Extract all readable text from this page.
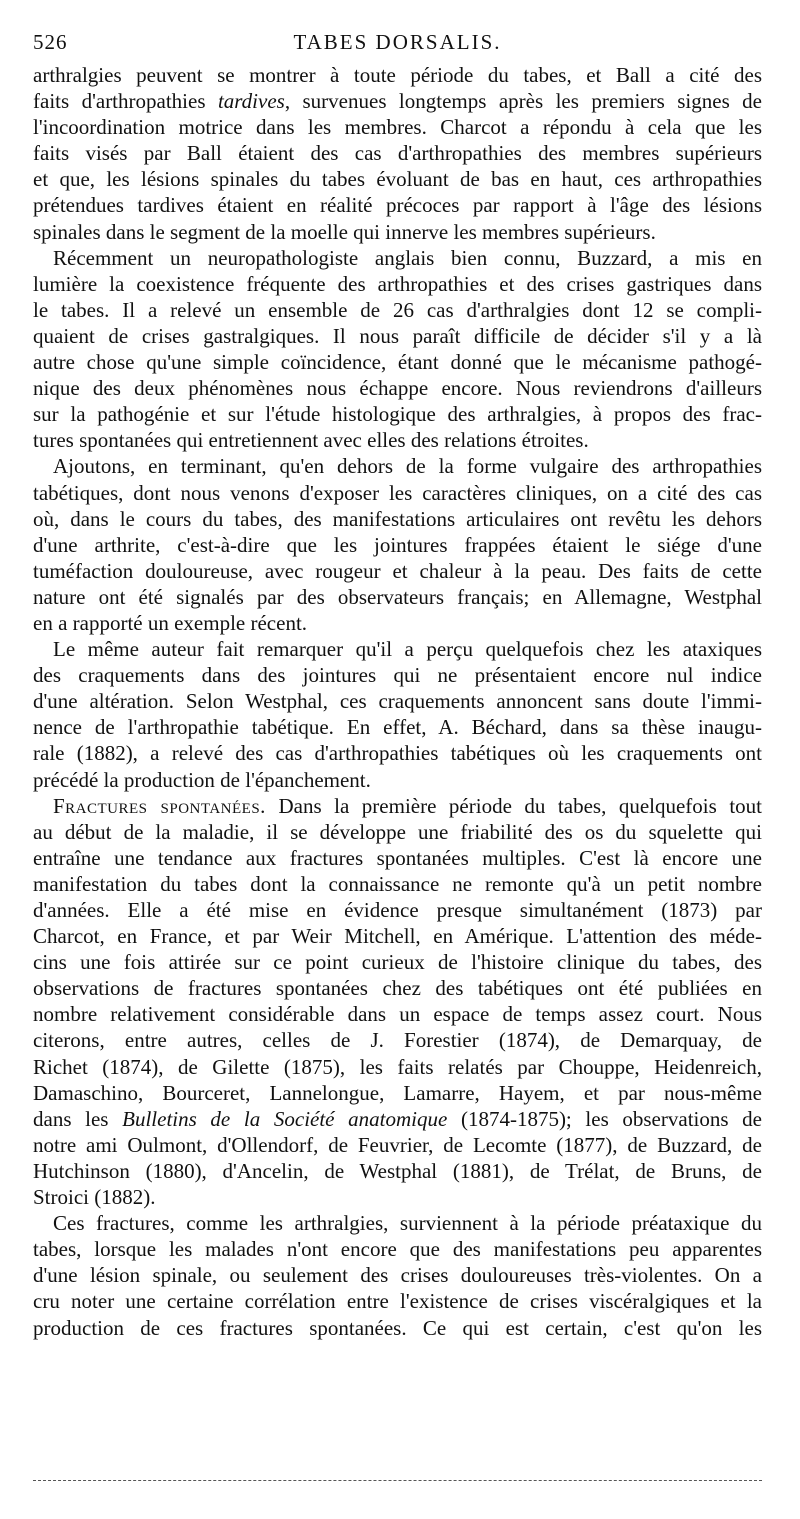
526	TABES DORSALIS.
arthralgies peuvent se montrer à toute période du tabes, et Ball a cité des
faits d'arthropathies tardives, survenues longtemps après les premiers signes de
l'incoordination motrice dans les membres. Charcot a répondu à cela que les
faits visés par Ball étaient des cas d'arthropathies des membres supérieurs
et que, les lésions spinales du tabes évoluant de bas en haut, ces arthropathies
prétendues tardives étaient en réalité précoces par rapport à l'âge des lésions
spinales dans le segment de la moelle qui innerve les membres supérieurs.
Récemment un neuropathologiste anglais bien connu, Buzzard, a mis en
lumière la coexistence fréquente des arthropathies et des crises gastriques dans
le tabes. Il a relevé un ensemble de 26 cas d'arthralgies dont 12 se compli-
quaient de crises gastralgiques. Il nous paraît difficile de décider s'il y a là
autre chose qu'une simple coïncidence, étant donné que le mécanisme pathogé-
nique des deux phénomènes nous échappe encore. Nous reviendrons d'ailleurs
sur la pathogénie et sur l'étude histologique des arthralgies, à propos des frac-
tures spontanées qui entretiennent avec elles des relations étroites.
Ajoutons, en terminant, qu'en dehors de la forme vulgaire des arthropathies
tabétiques, dont nous venons d'exposer les caractères cliniques, on a cité des cas
où, dans le cours du tabes, des manifestations articulaires ont revêtu les dehors
d'une arthrite, c'est-à-dire que les jointures frappées étaient le siége d'une
tuméfaction douloureuse, avec rougeur et chaleur à la peau. Des faits de cette
nature ont été signalés par des observateurs français; en Allemagne, Westphal
en a rapporté un exemple récent.
Le même auteur fait remarquer qu'il a perçu quelquefois chez les ataxiques
des craquements dans des jointures qui ne présentaient encore nul indice
d'une altération. Selon Westphal, ces craquements annoncent sans doute l'immi-
nence de l'arthropathie tabétique. En effet, A. Béchard, dans sa thèse inaugu-
rale (1882), a relevé des cas d'arthropathies tabétiques où les craquements ont
précédé la production de l'épanchement.
Fractures spontanées. Dans la première période du tabes, quelquefois tout
au début de la maladie, il se développe une friabilité des os du squelette qui
entraîne une tendance aux fractures spontanées multiples. C'est là encore une
manifestation du tabes dont la connaissance ne remonte qu'à un petit nombre
d'années. Elle a été mise en évidence presque simultanément (1873) par
Charcot, en France, et par Weir Mitchell, en Amérique. L'attention des méde-
cins une fois attirée sur ce point curieux de l'histoire clinique du tabes, des
observations de fractures spontanées chez des tabétiques ont été publiées en
nombre relativement considérable dans un espace de temps assez court. Nous
citerons, entre autres, celles de J. Forestier (1874), de Demarquay, de
Richet (1874), de Gilette (1875), les faits relatés par Chouppe, Heidenreich,
Damaschino, Bourceret, Lannelongue, Lamarre, Hayem, et par nous-même
dans les Bulletins de la Société anatomique (1874-1875); les observations de
notre ami Oulmont, d'Ollendorf, de Feuvrier, de Lecomte (1877), de Buzzard, de
Hutchinson (1880), d'Ancelin, de Westphal (1881), de Trélat, de Bruns, de
Stroici (1882).
Ces fractures, comme les arthralgies, surviennent à la période préataxique du
tabes, lorsque les malades n'ont encore que des manifestations peu apparentes
d'une lésion spinale, ou seulement des crises douloureuses très-violentes. On a
cru noter une certaine corrélation entre l'existence de crises viscéralgiques et la
production de ces fractures spontanées. Ce qui est certain, c'est qu'on les
